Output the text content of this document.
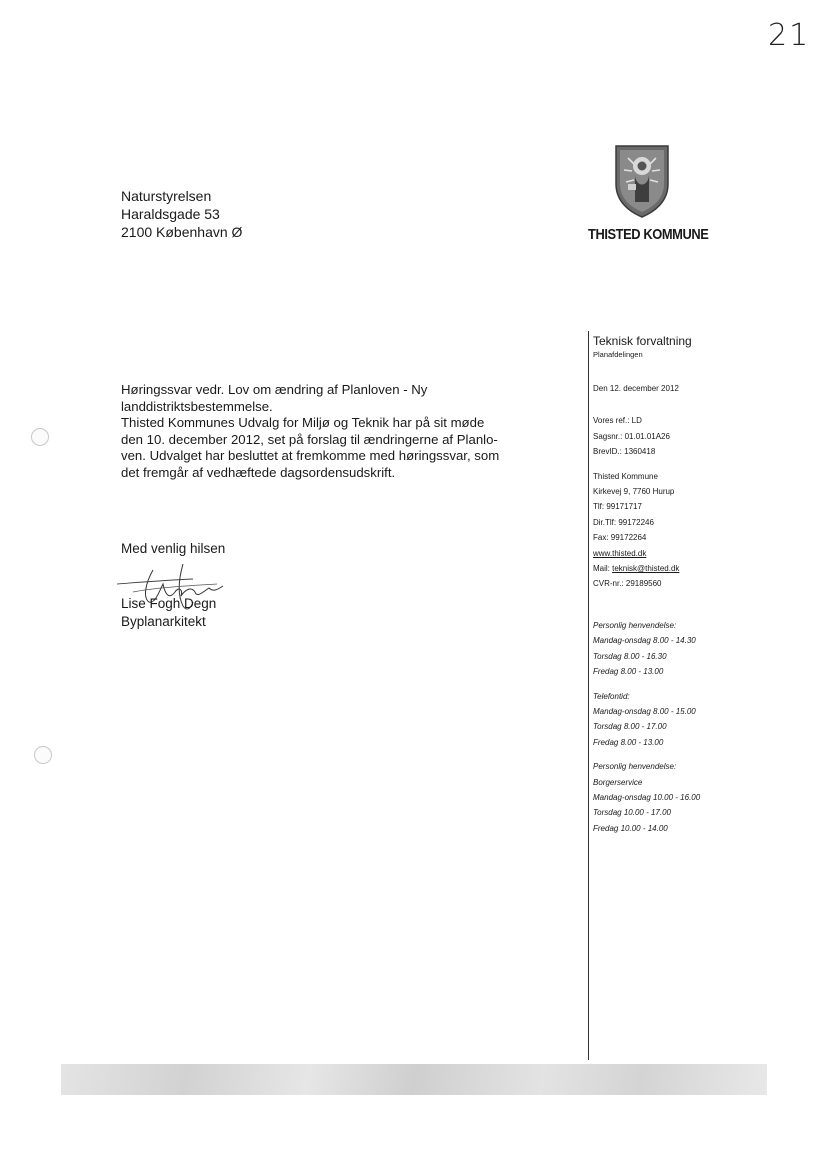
21
Naturstyrelsen
Haraldsgade 53
2100 København Ø	THISTED KOMMUNE
Teknisk forvaltning
Planafdelingen
Den 12. december 2012
Vores ref.: LD
Sagsnr.: 01.01.01A26
BrevID.: 1360418
Thisted Kommune
Kirkevej 9, 7760 Hurup
Tlf: 99171717
Dir.Tlf: 99172246
Fax: 99172264
www.thisted.dk
Mail: teknisk@thisted.dk
CVR-nr.: 29189560
Personlig henvendelse:
Mandag-onsdag 8.00 - 14.30
Torsdag 8.00 - 16.30
Fredag 8.00 - 13.00
Telefontid:
Mandag-onsdag 8.00 - 15.00
Torsdag 8.00 - 17.00
Fredag 8.00 - 13.00
Personlig henvendelse:
Borgerservice
Mandag-onsdag 10.00 - 16.00
Torsdag 10.00 - 17.00
Fredag 10.00 - 14.00

Høringssvar vedr. Lov om ændring af Planloven - Ny

landdistriktsbestemmelse.

Thisted Kommunes Udvalg for Miljø og Teknik har på sit møde

den 10. december 2012, set på forslag til ændringerne af Planlo-

ven. Udvalget har besluttet at fremkomme med høringssvar, som

det fremgår af vedhæftede dagsordensudskrift.

Med venlig hilsen
Lise Fogh Degn
Byplanarkitekt
